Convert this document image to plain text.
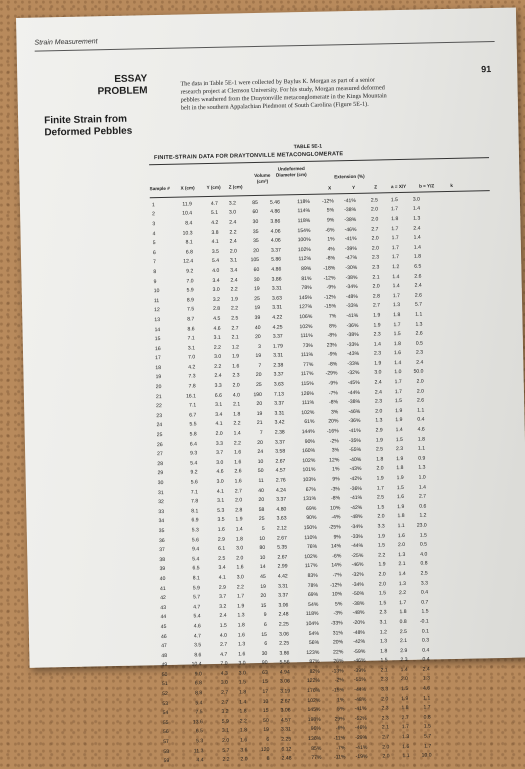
Strain Measurement
91
ESSAY
PROBLEM
Finite Strain from
Deformed Pebbles
The data in Table 5E-1 were collected by Baylus K. Morgan as part of a senior
research project at Clemson University. For his study, Morgan measured deformed
pebbles weathered from the Draytonville metaconglomerate in the Kings Mountain
belt in the southern Appalachian Piedmont of South Carolina (Figure 5E-1).
TABLE 5E-1
FINITE-STRAIN DATA FOR DRAYTONVILLE METACONGLOMERATE
Sample #	X (cm)	Y (cm)	Z (cm)
Volume (cm³)
Undeformed Diameter (cm)	Extension (%)
X	Y	Z	a = X/Y	b = Y/Z	k
1	11.9	4.7	3.2	85	5.46	118%	-12%	-41%	2.5	1.5	3.0
2	10.4	5.1	3.0	60	4.86	114%	5%	-38%	2.0	1.7	1.4
3	8.4	4.2	2.4	30	3.86	118%	9%	-38%	2.0	1.8	1.3
4	10.3	3.8	2.2	35	4.06	154%	-6%	-46%	2.7	1.7	2.4
5	8.1	4.1	2.4	35	4.06	100%	1%	-41%	2.0	1.7	1.4
6	6.8	3.5	2.0	20	3.37	102%	4%	-39%	2.0	1.7	1.4
7	12.4	5.4	3.1	105	5.86	112%	-8%	-47%	2.3	1.7	1.8
8	9.2	4.0	3.4	60	4.86	89%	-18%	-30%	2.3	1.2	6.5
9	7.0	3.4	2.4	30	3.86	81%	-12%	-38%	2.1	1.4	2.6
10	5.9	3.0	2.2	19	3.31	78%	-9%	-34%	2.0	1.4	2.4
11	8.9	3.2	1.9	25	3.63	145%	-12%	-48%	2.8	1.7	2.6
12	7.5	2.8	2.2	19	3.31	127%	-15%	-33%	2.7	1.3	5.7
13	8.7	4.5	2.5	39	4.22	106%	7%	-41%	1.9	1.8	1.1
14	8.6	4.6	2.7	40	4.25	102%	8%	-36%	1.9	1.7	1.3
15	7.1	3.1	2.1	20	3.37	111%	-8%	-38%	2.3	1.5	2.6
16	3.1	2.2	1.2	3	1.79	73%	23%	-33%	1.4	1.8	0.5
17	7.0	3.0	1.9	19	3.31	111%	-9%	-43%	2.3	1.6	2.3
18	4.2	2.2	1.6	7	2.38	77%	-8%	-33%	1.9	1.4	2.4
19	7.3	2.4	2.3	20	3.37	117%	-29%	-32%	3.0	1.0	50.0
20	7.8	3.3	2.0	25	3.63	115%	-9%	-45%	2.4	1.7	2.0
21	16.1	6.6	4.0	190	7.13	126%	-7%	-44%	2.4	1.7	2.0
22	7.1	3.1	2.1	20	3.37	111%	-8%	-38%	2.3	1.5	2.6
23	6.7	3.4	1.8	19	3.31	102%	3%	-46%	2.0	1.9	1.1
24	5.5	4.1	2.2	21	3.42	61%	20%	-36%	1.3	1.9	0.4
25	5.8	2.0	1.4	7	2.38	144%	-16%	-41%	2.9	1.4	4.6
26	6.4	3.3	2.2	20	3.37	90%	-2%	-35%	1.9	1.5	1.8
27	9.3	3.7	1.6	24	3.58	160%	3%	-55%	2.5	2.3	1.1
28	5.4	3.0	1.6	10	2.67	102%	12%	-40%	1.8	1.9	0.9
29	9.2	4.6	2.6	50	4.57	101%	1%	-43%	2.0	1.8	1.3
30	5.6	3.0	1.6	11	2.76	103%	9%	-42%	1.9	1.9	1.0
31	7.1	4.1	2.7	40	4.24	67%	-3%	-36%	1.7	1.5	1.4
32	7.8	3.1	2.0	20	3.37	131%	-8%	-41%	2.5	1.6	2.7
33	8.1	5.3	2.8	58	4.80	69%	10%	-42%	1.5	1.9	0.6
34	6.9	3.5	1.9	25	3.63	90%	-4%	-48%	2.0	1.8	1.2
35	5.3	1.6	1.4	5	2.12	150%	-25%	-34%	3.3	1.1	23.0
36	5.6	2.9	1.8	10	2.67	110%	9%	-33%	1.9	1.6	1.5
37	9.4	6.1	3.0	80	5.35	76%	14%	-44%	1.5	2.0	0.5
38	5.4	2.5	2.0	10	2.67	102%	-6%	-25%	2.2	1.3	4.0
39	6.5	3.4	1.6	14	2.99	117%	14%	-46%	1.9	2.1	0.8
40	8.1	4.1	3.0	45	4.42	83%	-7%	-32%	2.0	1.4	2.5
41	5.9	2.9	2.2	19	3.31	78%	-12%	-34%	2.0	1.3	3.3
42	5.7	3.7	1.7	20	3.37	69%	10%	-50%	1.5	2.2	0.4
43	4.7	3.2	1.9	15	3.06	54%	5%	-38%	1.5	1.7	0.7
44	5.4	2.4	1.3	9	2.48	118%	-3%	-48%	2.3	1.8	1.5
45	4.6	1.5	1.8	6	2.25	104%	-33%	-20%	3.1	0.8	-0.1
46	4.7	4.0	1.6	15	3.06	54%	31%	-48%	1.2	2.5	0.1
47	3.5	2.7	1.3	6	2.25	56%	20%	-42%	1.3	2.1	0.3
48	8.6	4.7	1.6	30	3.86	123%	22%	-59%	1.8	2.9	0.4
49	10.4	7.0	3.0	90	5.56	87%	26%	-46%	1.5	2.3	0.4
50	9.0	4.3	3.0	63	4.94	82%	-13%	-39%	2.1	1.4	2.4
51	6.8	3.0	1.5	15	3.06	122%	-2%	-51%	2.3	2.0	1.3
52	8.8	2.7	1.8	17	3.19	176%	-15%	-44%	3.3	1.5	4.6
53	5.4	2.7	1.4	10	2.67	102%	1%	-48%	2.0	1.9	1.1
54	7.5	3.2	1.8	15	3.06	145%	5%	-41%	2.3	1.8	1.7
55	13.6	5.9	2.2	50	4.57	198%	29%	-52%	2.3	2.7	0.8
56	6.5	3.1	1.8	19	3.31	96%	-6%	-46%	2.1	1.7	1.5
57	5.3	2.0	1.6	6	2.25	136%	-11%	-29%	2.7	1.3	5.7
58	11.3	5.7	3.6	120	6.12	85%	-7%	-41%	2.0	1.6	1.7
59	4.4	2.2	2.0	8	2.48	77%	-11%	-19%	2.0	1.1	10.0
